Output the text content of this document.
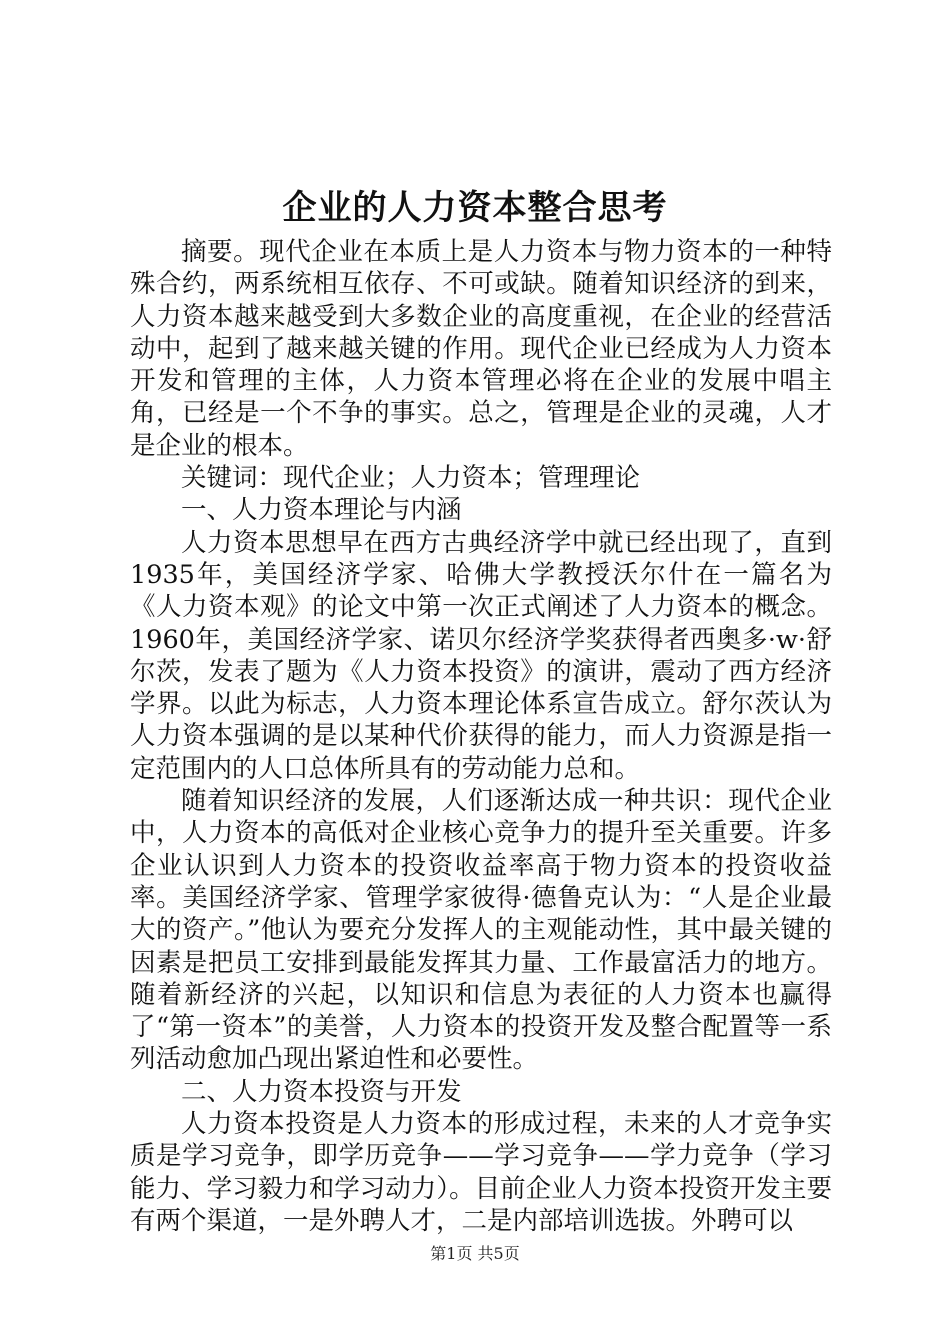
企业的人力资本整合思考

摘要。现代企业在本质上是人力资本与物力资本的一种特殊合约，两系统相互依存、不可或缺。随着知识经济的到来，人力资本越来越受到大多数企业的高度重视，在企业的经营活动中，起到了越来越关键的作用。现代企业已经成为人力资本开发和管理的主体，人力资本管理必将在企业的发展中唱主角，已经是一个不争的事实。总之，管理是企业的灵魂，人才是企业的根本。

关键词：现代企业；人力资本；管理理论

一、人力资本理论与内涵

人力资本思想早在西方古典经济学中就已经出现了，直到1935年，美国经济学家、哈佛大学教授沃尔什在一篇名为《人力资本观》的论文中第一次正式阐述了人力资本的概念。1960年，美国经济学家、诺贝尔经济学奖获得者西奥多·w·舒尔茨，发表了题为《人力资本投资》的演讲，震动了西方经济学界。以此为标志，人力资本理论体系宣告成立。舒尔茨认为人力资本强调的是以某种代价获得的能力，而人力资源是指一定范围内的人口总体所具有的劳动能力总和。

随着知识经济的发展，人们逐渐达成一种共识：现代企业中，人力资本的高低对企业核心竞争力的提升至关重要。许多企业认识到人力资本的投资收益率高于物力资本的投资收益率。美国经济学家、管理学家彼得·德鲁克认为：“人是企业最大的资产。”他认为要充分发挥人的主观能动性，其中最关键的因素是把员工安排到最能发挥其力量、工作最富活力的地方。随着新经济的兴起，以知识和信息为表征的人力资本也赢得了“第一资本”的美誉，人力资本的投资开发及整合配置等一系列活动愈加凸现出紧迫性和必要性。

二、人力资本投资与开发

人力资本投资是人力资本的形成过程，未来的人才竞争实质是学习竞争，即学历竞争——学习竞争——学力竞争（学习能力、学习毅力和学习动力）。目前企业人力资本投资开发主要有两个渠道，一是外聘人才，二是内部培训选拔。外聘可以

第1页 共5页
